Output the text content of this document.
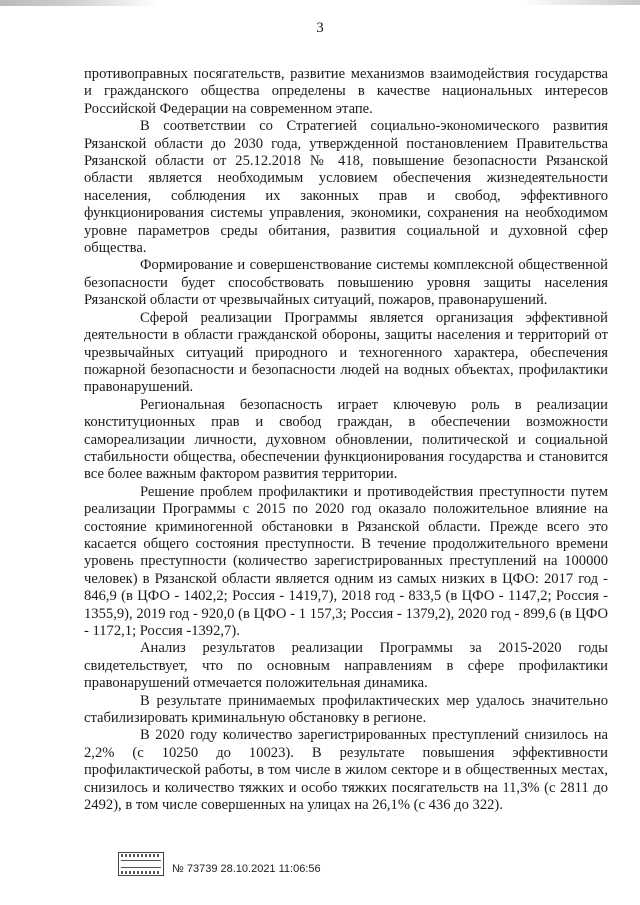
3

противоправных посягательств, развитие механизмов взаимодействия государства и гражданского общества определены в качестве национальных интересов Российской Федерации на современном этапе.

В соответствии со Стратегией социально-экономического развития Рязанской области до 2030 года, утвержденной постановлением Правительства Рязанской области от 25.12.2018 № 418, повышение безопасности Рязанской области является необходимым условием обеспечения жизнедеятельности населения, соблюдения их законных прав и свобод, эффективного функционирования системы управления, экономики, сохранения на необходимом уровне параметров среды обитания, развития социальной и духовной сфер общества.

Формирование и совершенствование системы комплексной общественной безопасности будет способствовать повышению уровня защиты населения Рязанской области от чрезвычайных ситуаций, пожаров, правонарушений.

Сферой реализации Программы является организация эффективной деятельности в области гражданской обороны, защиты населения и территорий от чрезвычайных ситуаций природного и техногенного характера, обеспечения пожарной безопасности и безопасности людей на водных объектах, профилактики правонарушений.

Региональная безопасность играет ключевую роль в реализации конституционных прав и свобод граждан, в обеспечении возможности самореализации личности, духовном обновлении, политической и социальной стабильности общества, обеспечении функционирования государства и становится все более важным фактором развития территории.

Решение проблем профилактики и противодействия преступности путем реализации Программы с 2015 по 2020 год оказало положительное влияние на состояние криминогенной обстановки в Рязанской области. Прежде всего это касается общего состояния преступности. В течение продолжительного времени уровень преступности (количество зарегистрированных преступлений на 100000 человек) в Рязанской области является одним из самых низких в ЦФО: 2017 год - 846,9 (в ЦФО - 1402,2; Россия - 1419,7), 2018 год - 833,5 (в ЦФО - 1147,2; Россия - 1355,9), 2019 год - 920,0 (в ЦФО - 1 157,3; Россия - 1379,2), 2020 год - 899,6 (в ЦФО - 1172,1; Россия -1392,7).

Анализ результатов реализации Программы за 2015-2020 годы свидетельствует, что по основным направлениям в сфере профилактики правонарушений отмечается положительная динамика.

В результате принимаемых профилактических мер удалось значительно стабилизировать криминальную обстановку в регионе.

В 2020 году количество зарегистрированных преступлений снизилось на 2,2% (с 10250 до 10023). В результате повышения эффективности профилактической работы, в том числе в жилом секторе и в общественных местах, снизилось и количество тяжких и особо тяжких посягательств на 11,3% (с 2811 до 2492), в том числе совершенных на улицах на 26,1% (с 436 до 322).

№ 73739 28.10.2021 11:06:56
